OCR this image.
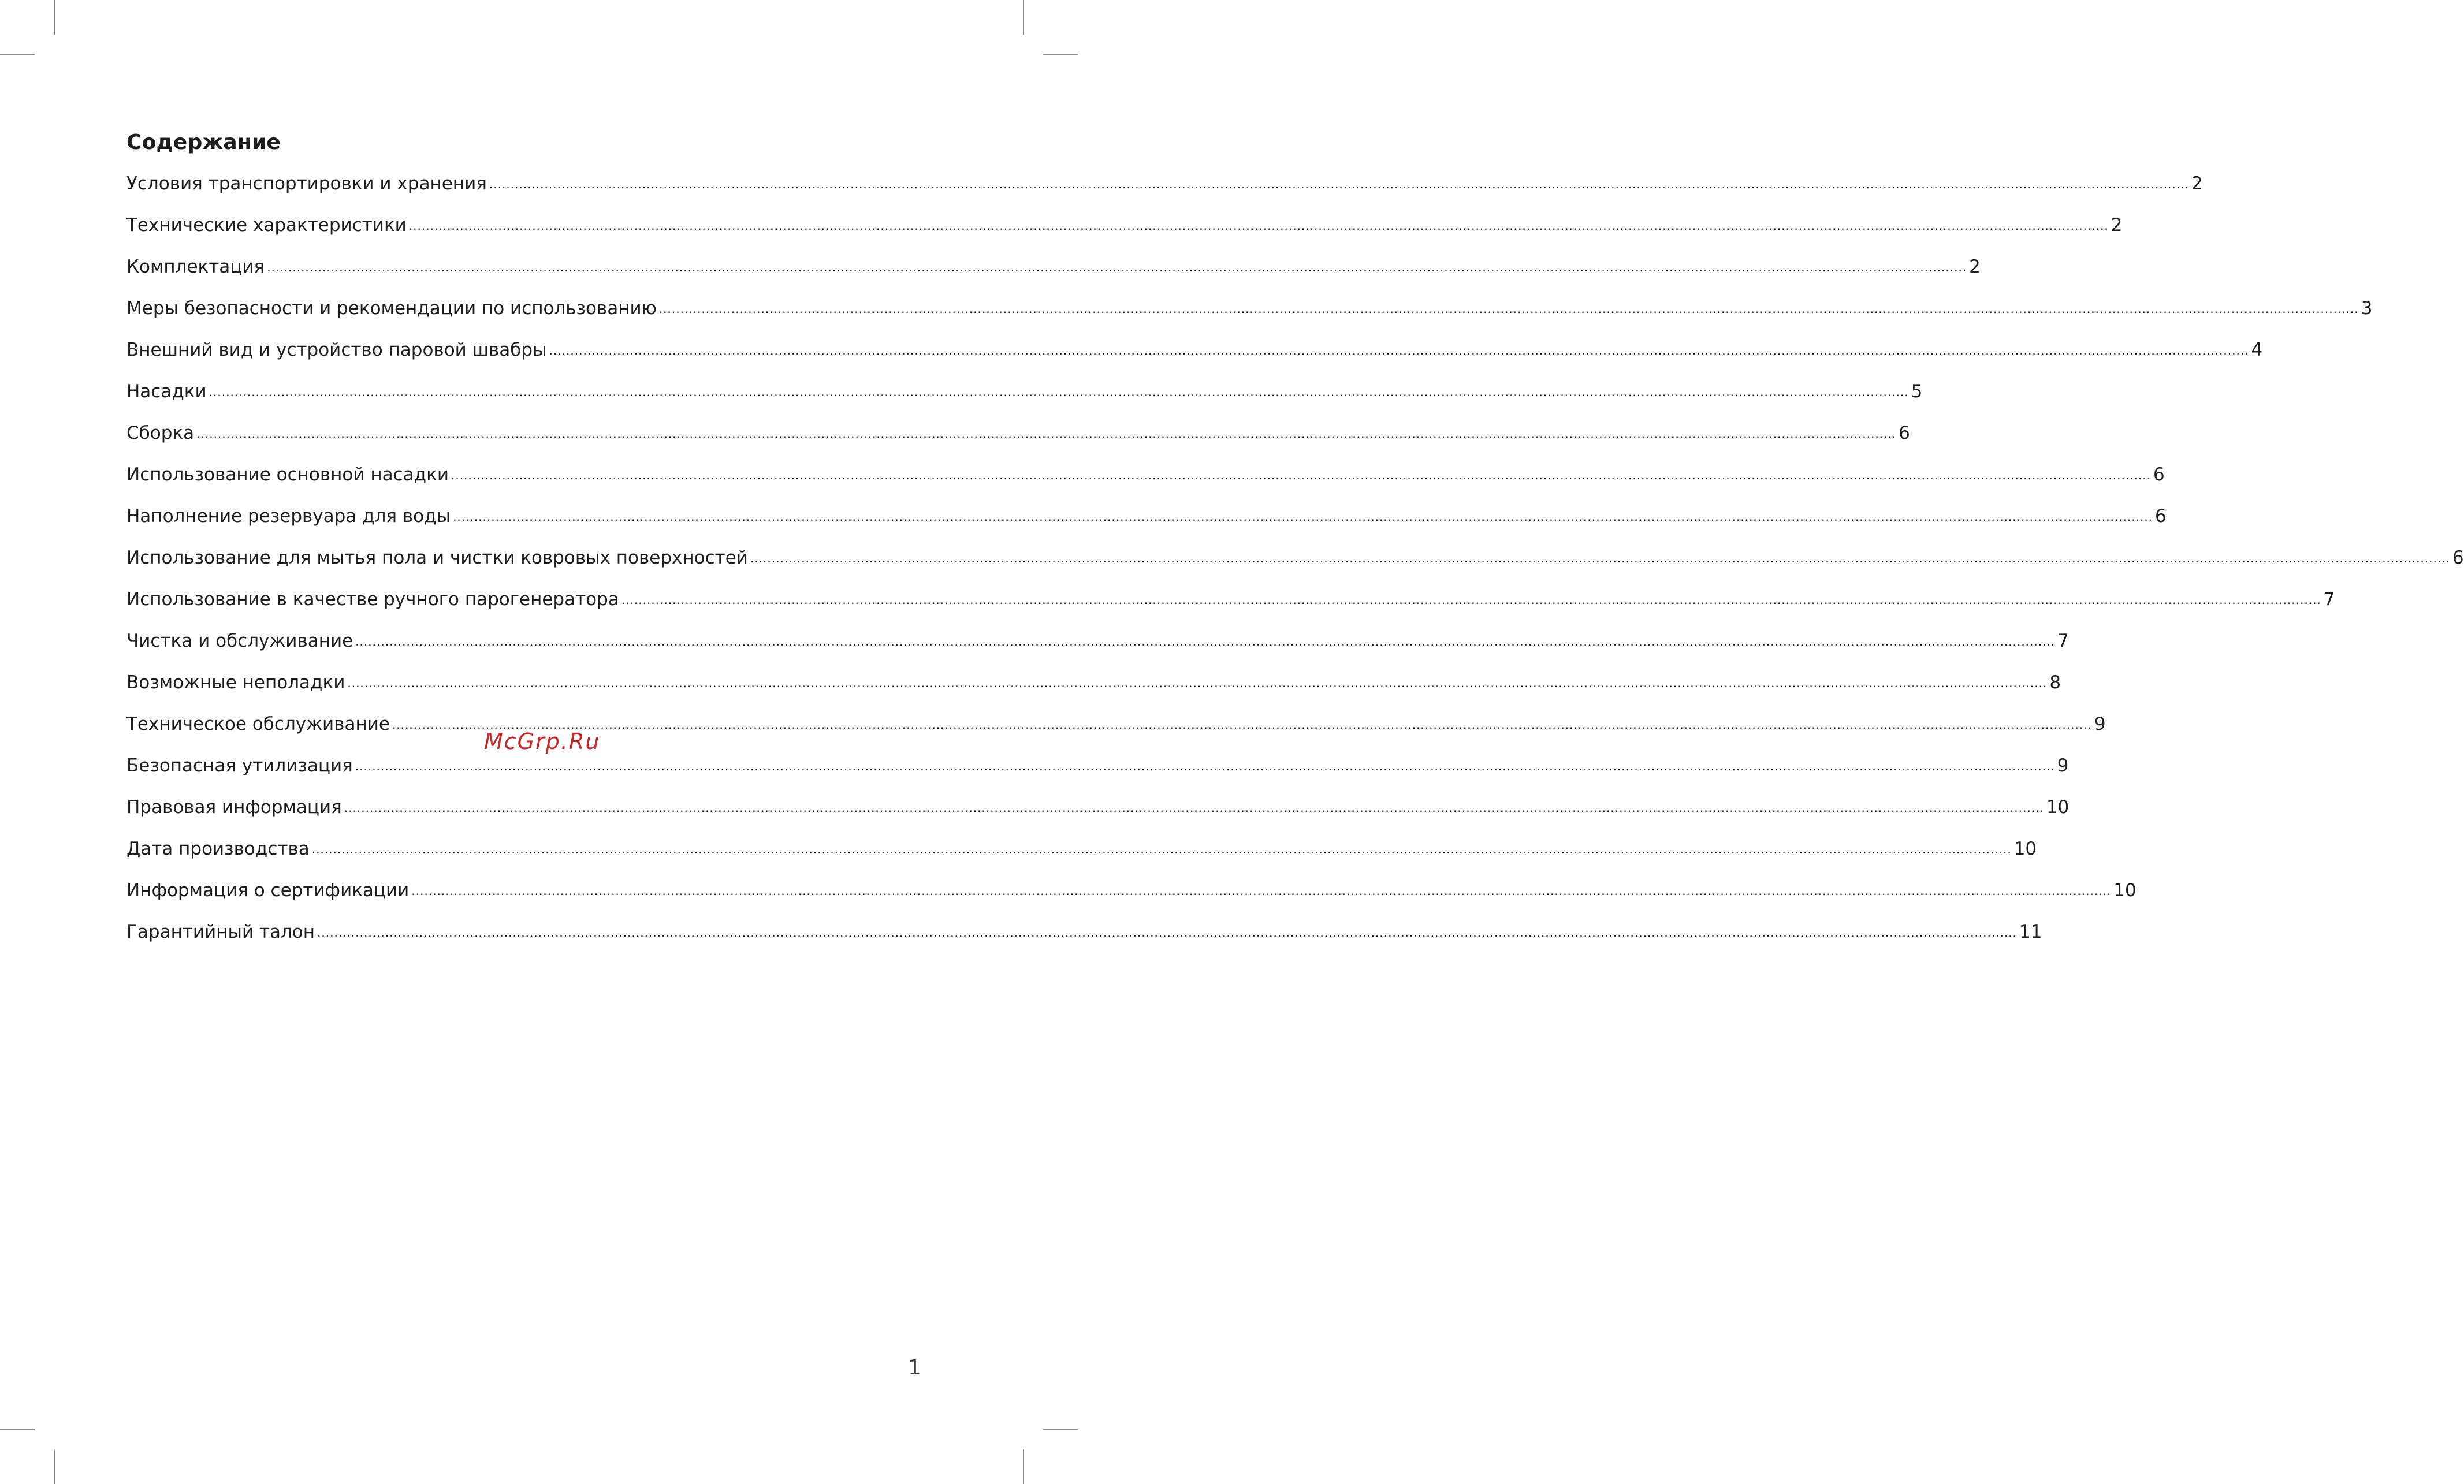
Содержание
Условия транспортировки и хранения ................................................................................................................................................................................................................................................................................................................................................................................................................ 2
Технические характеристики ................................................................................................................................................................................................................................................................................................................................................................................................................ 2
Комплектация ................................................................................................................................................................................................................................................................................................................................................................................................................ 2
Меры безопасности и рекомендации по использованию ................................................................................................................................................................................................................................................................................................................................................................................................................ 3
Внешний вид и устройство паровой швабры ................................................................................................................................................................................................................................................................................................................................................................................................................ 4
Насадки ................................................................................................................................................................................................................................................................................................................................................................................................................ 5
Сборка ................................................................................................................................................................................................................................................................................................................................................................................................................ 6
Использование основной насадки ................................................................................................................................................................................................................................................................................................................................................................................................................ 6
Наполнение резервуара для воды ................................................................................................................................................................................................................................................................................................................................................................................................................ 6
Использование для мытья пола и чистки ковровых поверхностей ................................................................................................................................................................................................................................................................................................................................................................................................................ 6
Использование в качестве ручного парогенератора ................................................................................................................................................................................................................................................................................................................................................................................................................ 7
Чистка и обслуживание ................................................................................................................................................................................................................................................................................................................................................................................................................ 7
Возможные неполадки ................................................................................................................................................................................................................................................................................................................................................................................................................ 8
Техническое обслуживание ................................................................................................................................................................................................................................................................................................................................................................................................................ 9
Безопасная утилизация ................................................................................................................................................................................................................................................................................................................................................................................................................ 9
Правовая информация ................................................................................................................................................................................................................................................................................................................................................................................................................ 10
Дата производства ................................................................................................................................................................................................................................................................................................................................................................................................................ 10
Информация о сертификации ................................................................................................................................................................................................................................................................................................................................................................................................................ 10
Гарантийный талон ................................................................................................................................................................................................................................................................................................................................................................................................................ 11
McGrp.Ru
1
